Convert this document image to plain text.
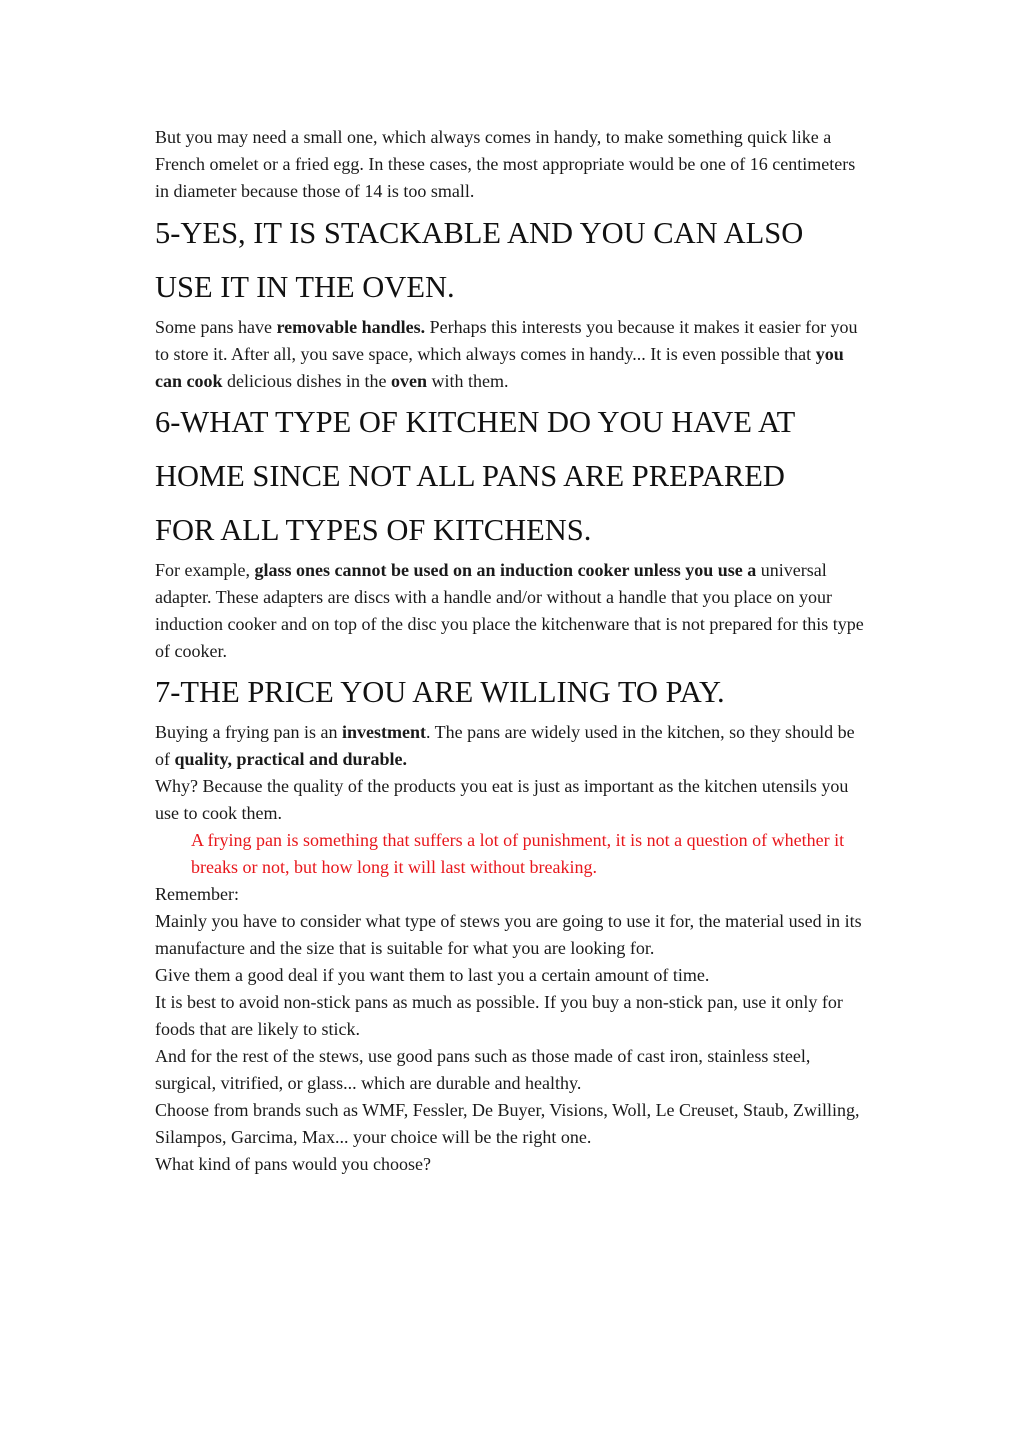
But you may need a small one, which always comes in handy, to make something quick like a French omelet or a fried egg. In these cases, the most appropriate would be one of 16 centimeters in diameter because those of 14 is too small.

5-YES, IT IS STACKABLE AND YOU CAN ALSO
USE IT IN THE OVEN.

Some pans have removable handles. Perhaps this interests you because it makes it easier for you to store it. After all, you save space, which always comes in handy... It is even possible that you can cook delicious dishes in the oven with them.

6-WHAT TYPE OF KITCHEN DO YOU HAVE AT
HOME SINCE NOT ALL PANS ARE PREPARED
FOR ALL TYPES OF KITCHENS.

For example, glass ones cannot be used on an induction cooker unless you use a universal adapter. These adapters are discs with a handle and/or without a handle that you place on your induction cooker and on top of the disc you place the kitchenware that is not prepared for this type of cooker.

7-THE PRICE YOU ARE WILLING TO PAY.

Buying a frying pan is an investment. The pans are widely used in the kitchen, so they should be of quality, practical and durable.

Why? Because the quality of the products you eat is just as important as the kitchen utensils you use to cook them.

A frying pan is something that suffers a lot of punishment, it is not a question of whether it breaks or not, but how long it will last without breaking.

Remember:

Mainly you have to consider what type of stews you are going to use it for, the material used in its manufacture and the size that is suitable for what you are looking for.

Give them a good deal if you want them to last you a certain amount of time.

It is best to avoid non-stick pans as much as possible. If you buy a non-stick pan, use it only for foods that are likely to stick.

And for the rest of the stews, use good pans such as those made of cast iron, stainless steel, surgical, vitrified, or glass... which are durable and healthy.

Choose from brands such as WMF, Fessler, De Buyer, Visions, Woll, Le Creuset, Staub, Zwilling, Silampos, Garcima, Max... your choice will be the right one.

What kind of pans would you choose?
